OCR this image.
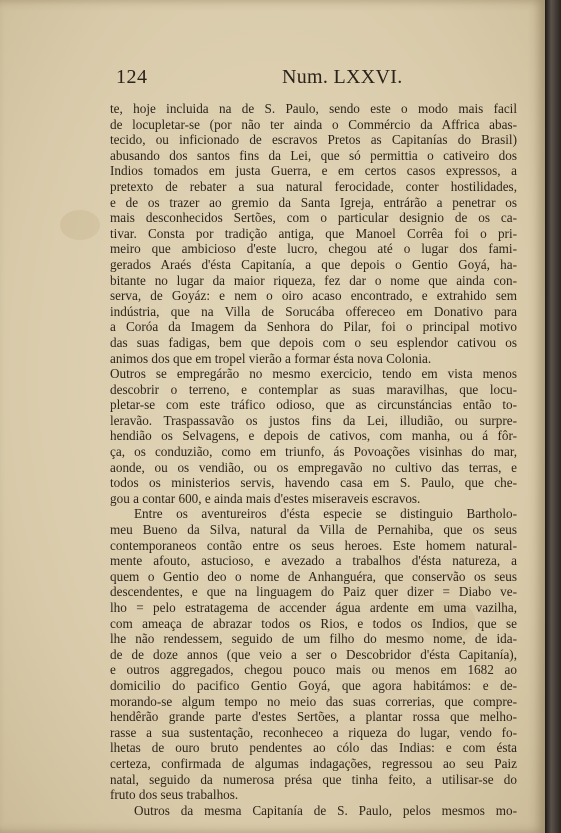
124	Num. LXXVI.
te, hoje incluida na de S. Paulo, sendo este o modo mais facil
de locupletar-se (por não ter ainda o Commércio da Affrica abas-
tecido, ou inficionado de escravos Pretos as Capitanías do Brasil)
abusando dos santos fins da Lei, que só permittia o cativeiro dos
Indios tomados em justa Guerra, e em certos casos expressos, a
pretexto de rebater a sua natural ferocidade, conter hostilidades,
e de os trazer ao gremio da Santa Igreja, entrárão a penetrar os
mais desconhecidos Sertões, com o particular designio de os ca-
tivar. Consta por tradição antiga, que Manoel Corrêa foi o pri-
meiro que ambicioso d'este lucro, chegou até o lugar dos fami-
gerados Araés d'ésta Capitanía, a que depois o Gentio Goyá, ha-
bitante no lugar da maior riqueza, fez dar o nome que ainda con-
serva, de Goyáz: e nem o oiro acaso encontrado, e extrahido sem
indústria, que na Villa de Sorucába offereceo em Donativo para
a Coróa da Imagem da Senhora do Pilar, foi o principal motivo
das suas fadigas, bem que depois com o seu esplendor cativou os
animos dos que em tropel vierão a formar ésta nova Colonia.
Outros se empregárão no mesmo exercicio, tendo em vista menos
descobrir o terreno, e contemplar as suas maravilhas, que locu-
pletar-se com este tráfico odioso, que as circunstáncias então to-
leravão. Traspassavão os justos fins da Lei, illudião, ou surpre-
hendião os Selvagens, e depois de cativos, com manha, ou á fôr-
ça, os conduzião, como em triunfo, ás Povoações visinhas do mar,
aonde, ou os vendião, ou os empregavão no cultivo das terras, e
todos os ministerios servis, havendo casa em S. Paulo, que che-
gou a contar 600, e ainda mais d'estes miseraveis escravos.
Entre os aventureiros d'ésta especie se distinguio Bartholo-
meu Bueno da Silva, natural da Villa de Pernahiba, que os seus
contemporaneos contão entre os seus heroes. Este homem natural-
mente afouto, astucioso, e avezado a trabalhos d'ésta natureza, a
quem o Gentio deo o nome de Anhanguéra, que conservão os seus
descendentes, e que na linguagem do Paiz quer dizer = Diabo ve-
lho = pelo estratagema de accender água ardente em uma vazilha,
com ameaça de abrazar todos os Rios, e todos os Indios, que se
lhe não rendessem, seguido de um filho do mesmo nome, de ida-
de de doze annos (que veio a ser o Descobridor d'ésta Capitanía),
e outros aggregados, chegou pouco mais ou menos em 1682 ao
domicilio do pacifico Gentio Goyá, que agora habitámos: e de-
morando-se algum tempo no meio das suas correrias, que compre-
hendêrão grande parte d'estes Sertões, a plantar rossa que melho-
rasse a sua sustentação, reconheceo a riqueza do lugar, vendo fo-
lhetas de ouro bruto pendentes ao cólo das Indias: e com ésta
certeza, confirmada de algumas indagações, regressou ao seu Paiz
natal, seguido da numerosa présa que tinha feito, a utilisar-se do
fruto dos seus trabalhos.
Outros da mesma Capitanía de S. Paulo, pelos mesmos mo-
